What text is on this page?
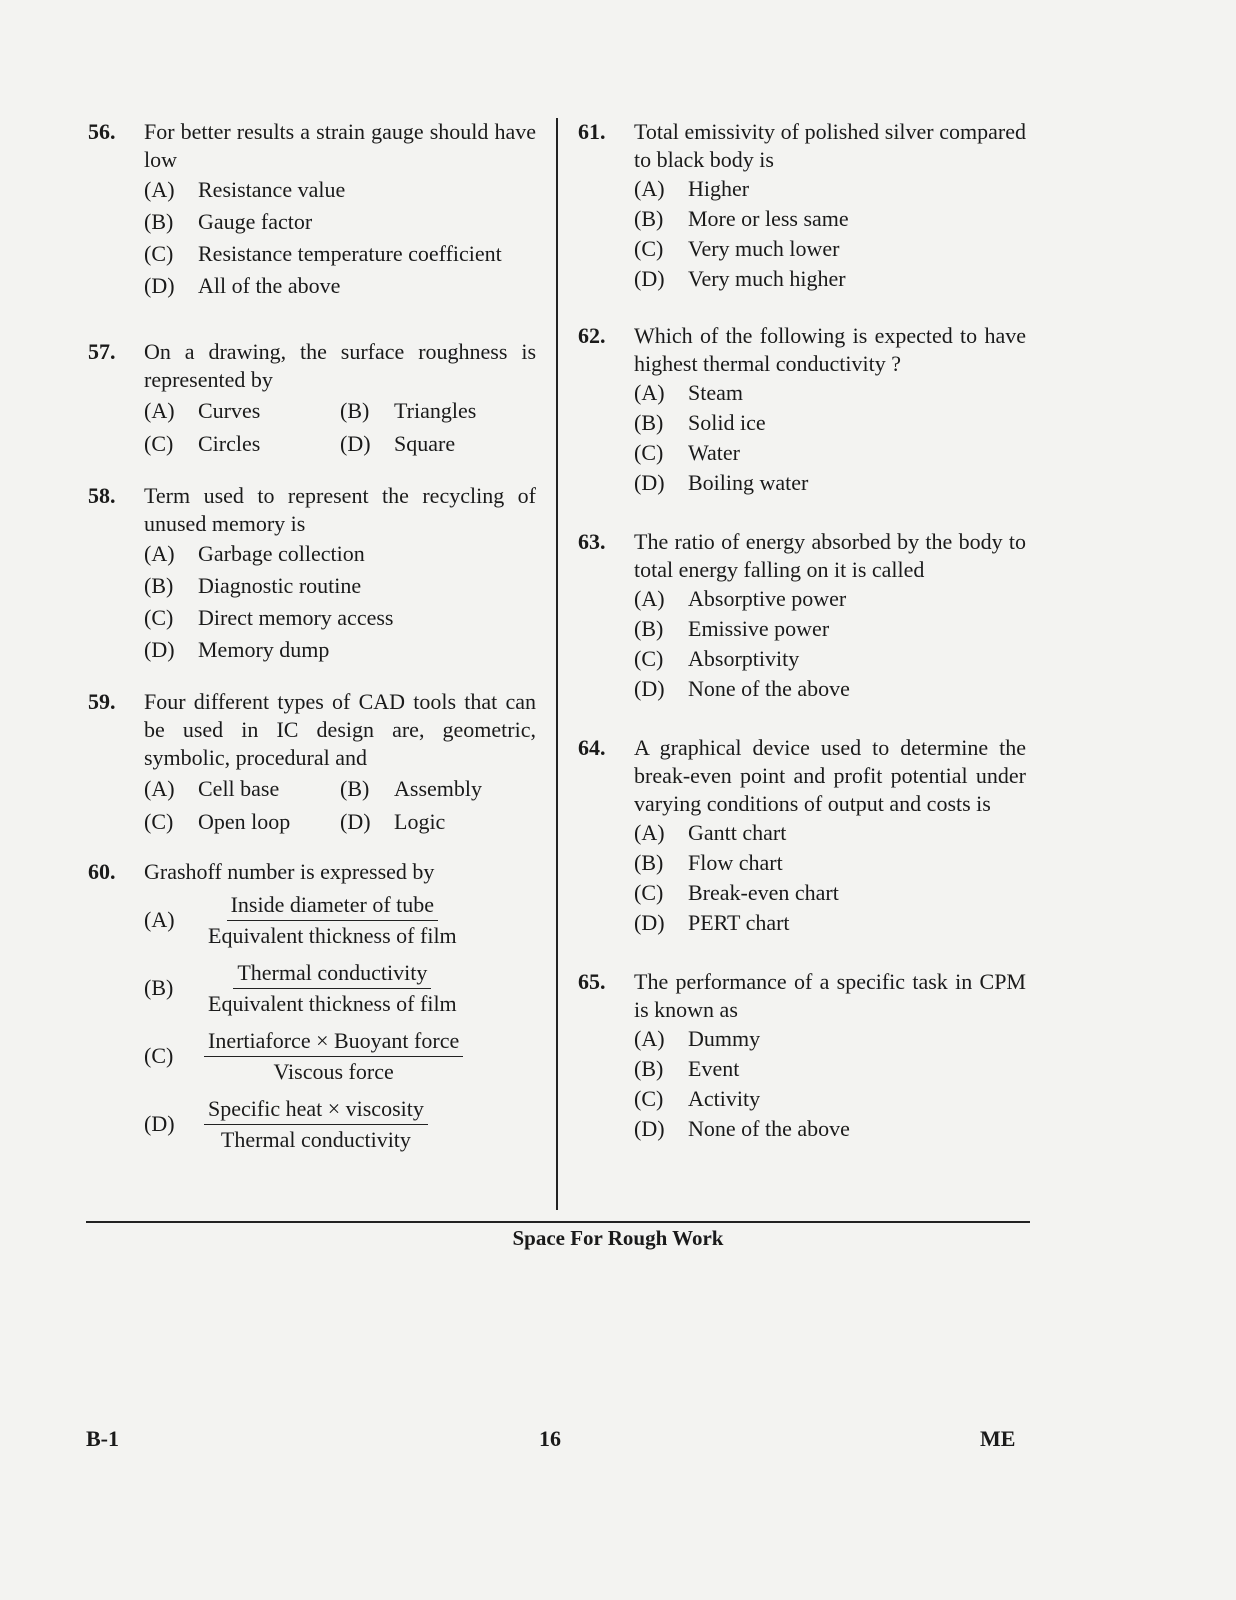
56. For better results a strain gauge should have low
(A)	Resistance value
(B)	Gauge factor
(C)	Resistance temperature coefficient
(D)	All of the above
57. On a drawing, the surface roughness is represented by
(A)	Curves	(B)	Triangles
(C)	Circles	(D)	Square
58. Term used to represent the recycling of unused memory is
(A)	Garbage collection
(B)	Diagnostic routine
(C)	Direct memory access
(D)	Memory dump
59. Four different types of CAD tools that can be used in IC design are, geometric, symbolic, procedural and
(A)	Cell base	(B)	Assembly
(C)	Open loop (D)	Logic
60. Grashoff number is expressed by
(A)	$\frac{\text{Inside diameter of tube}}{\text{Equivalent thickness of film}}$
(B)	$\frac{\text{Thermal conductivity}}{\text{Equivalent thickness of film}}$
(C)	$\frac{\text{Inertiaforce × Buoyant force}}{\text{Viscous force}}$
(D)	$\frac{\text{Specific heat × viscosity}}{\text{Thermal conductivity}}$
61. Total emissivity of polished silver compared to black body is
(A)	Higher
(B)	More or less same
(C)	Very much lower
(D)	Very much higher
62. Which of the following is expected to have highest thermal conductivity ?
(A)	Steam
(B)	Solid ice
(C)	Water
(D)	Boiling water
63. The ratio of energy absorbed by the body to total energy falling on it is called
(A)	Absorptive power
(B)	Emissive power
(C)	Absorptivity
(D)	None of the above
64. A graphical device used to determine the break-even point and profit potential under varying conditions of output and costs is
(A)	Gantt chart
(B)	Flow chart
(C)	Break-even chart
(D)	PERT chart
65. The performance of a specific task in CPM is known as
(A)	Dummy
(B)	Event
(C)	Activity
(D)	None of the above
Space For Rough Work
B-1	16	ME
